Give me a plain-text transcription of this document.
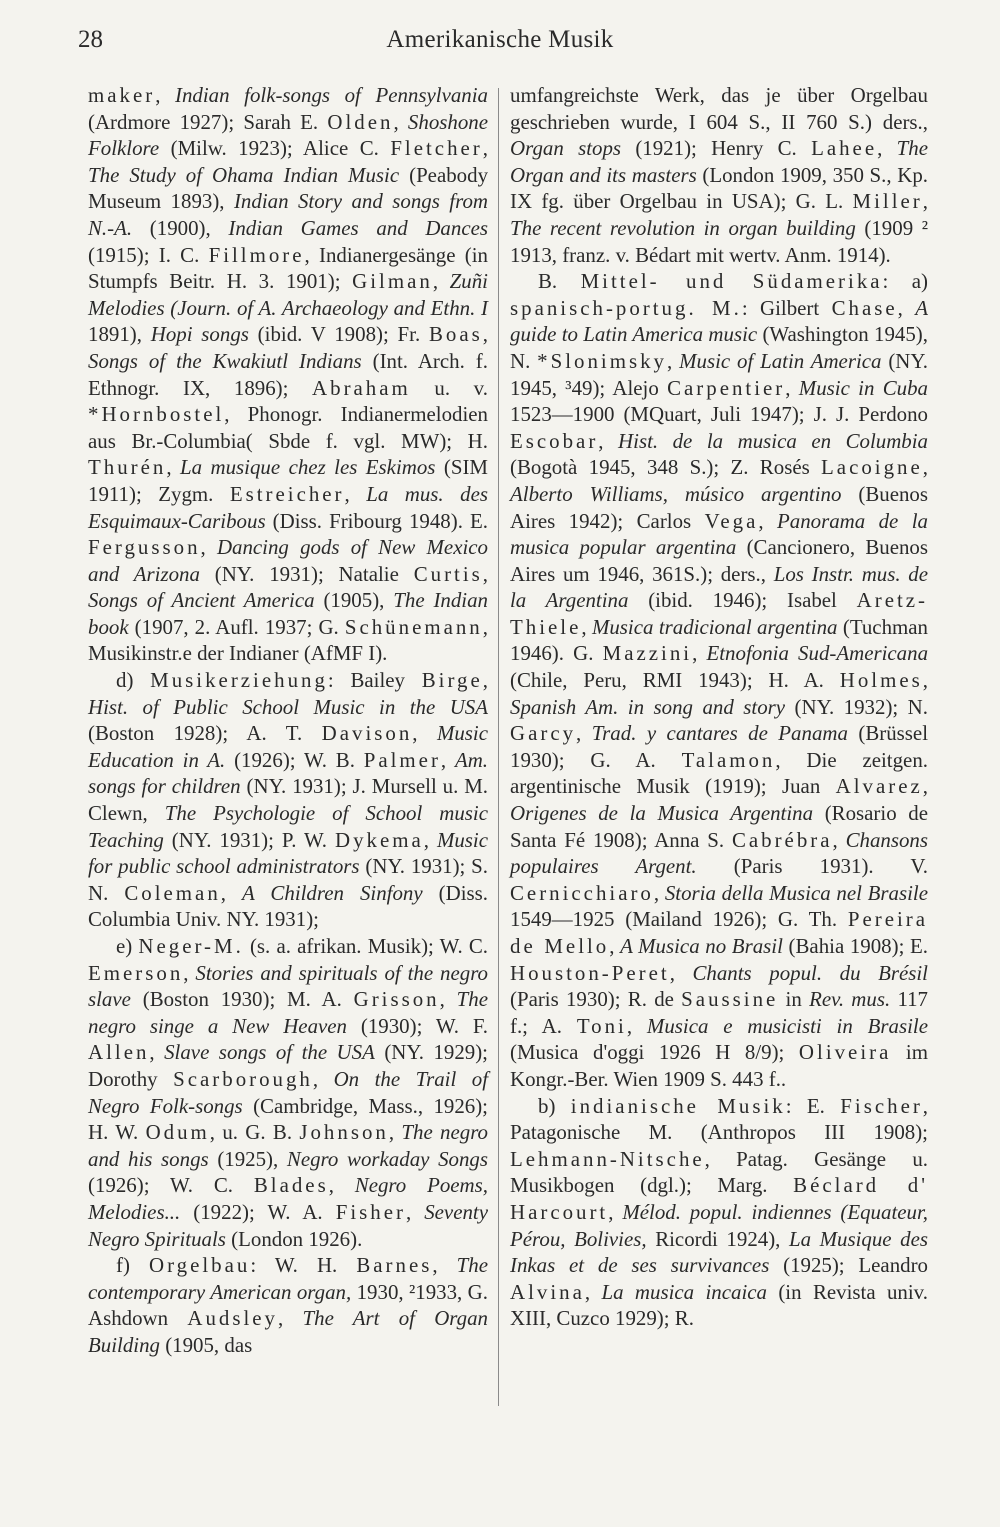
28	Amerikanische Musik

maker, Indian folk-songs of Pennsylvania (Ardmore 1927); Sarah E. Olden, Shoshone Folklore (Milw. 1923); Alice C. Fletcher, The Study of Ohama Indian Music (Peabody Museum 1893), Indian Story and songs from N.-A. (1900), Indian Games and Dances (1915); I. C. Fillmore, Indianergesänge (in Stumpfs Beitr. H. 3. 1901); Gilman, Zuñi Melodies (Journ. of A. Archaeology and Ethn. I 1891), Hopi songs (ibid. V 1908); Fr. Boas, Songs of the Kwakiutl Indians (Int. Arch. f. Ethnogr. IX, 1896); Abraham u. v. *Hornbostel, Phonogr. Indianermelodien aus Br.-Columbia( Sbde f. vgl. MW); H. Thurén, La musique chez les Eskimos (SIM 1911); Zygm. Estreicher, La mus. des Esquimaux-Caribous (Diss. Fribourg 1948). E. Fergusson, Dancing gods of New Mexico and Arizona (NY. 1931); Natalie Curtis, Songs of Ancient America (1905), The Indian book (1907, 2. Aufl. 1937; G. Schünemann, Musikinstr.e der Indianer (AfMF I).

d) Musikerziehung: Bailey Birge, Hist. of Public School Music in the USA (Boston 1928); A. T. Davison, Music Education in A. (1926); W. B. Palmer, Am. songs for children (NY. 1931); J. Mursell u. M. Clewn, The Psychologie of School music Teaching (NY. 1931); P. W. Dykema, Music for public school administrators (NY. 1931); S. N. Coleman, A Children Sinfony (Diss. Columbia Univ. NY. 1931);

e) Neger-M. (s. a. afrikan. Musik); W. C. Emerson, Stories and spirituals of the negro slave (Boston 1930); M. A. Grisson, The negro singe a New Heaven (1930); W. F. Allen, Slave songs of the USA (NY. 1929); Dorothy Scarborough, On the Trail of Negro Folk-songs (Cambridge, Mass., 1926); H. W. Odum, u. G. B. Johnson, The negro and his songs (1925), Negro workaday Songs (1926); W. C. Blades, Negro Poems, Melodies... (1922); W. A. Fisher, Seventy Negro Spirituals (London 1926).

f) Orgelbau: W. H. Barnes, The contemporary American organ, 1930, ²1933, G. Ashdown Audsley, The Art of Organ Building (1905, das

umfangreichste Werk, das je über Orgelbau geschrieben wurde, I 604 S., II 760 S.) ders., Organ stops (1921); Henry C. Lahee, The Organ and its masters (London 1909, 350 S., Kp. IX fg. über Orgelbau in USA); G. L. Miller, The recent revolution in organ building (1909 ² 1913, franz. v. Bédart mit wertv. Anm. 1914).

B. Mittel- und Südamerika: a) spanisch-portug. M.: Gilbert Chase, A guide to Latin America music (Washington 1945), N. *Slonimsky, Music of Latin America (NY. 1945, ³49); Alejo Carpentier, Music in Cuba 1523—1900 (MQuart, Juli 1947); J. J. Perdono Escobar, Hist. de la musica en Columbia (Bogotà 1945, 348 S.); Z. Rosés Lacoigne, Alberto Williams, músico argentino (Buenos Aires 1942); Carlos Vega, Panorama de la musica popular argentina (Cancionero, Buenos Aires um 1946, 361S.); ders., Los Instr. mus. de la Argentina (ibid. 1946); Isabel Aretz-Thiele, Musica tradicional argentina (Tuchman 1946). G. Mazzini, Etnofonia Sud-Americana (Chile, Peru, RMI 1943); H. A. Holmes, Spanish Am. in song and story (NY. 1932); N. Garcy, Trad. y cantares de Panama (Brüssel 1930); G. A. Talamon, Die zeitgen. argentinische Musik (1919); Juan Alvarez, Origenes de la Musica Argentina (Rosario de Santa Fé 1908); Anna S. Cabrébra, Chansons populaires Argent. (Paris 1931). V. Cernicchiaro, Storia della Musica nel Brasile 1549—1925 (Mailand 1926); G. Th. Pereira de Mello, A Musica no Brasil (Bahia 1908); E. Houston-Peret, Chants popul. du Brésil (Paris 1930); R. de Saussine in Rev. mus. 117 f.; A. Toni, Musica e musicisti in Brasile (Musica d'oggi 1926 H 8/9); Oliveira im Kongr.-Ber. Wien 1909 S. 443 f..

b) indianische Musik: E. Fischer, Patagonische M. (Anthropos III 1908); Lehmann-Nitsche, Patag. Gesänge u. Musikbogen (dgl.); Marg. Béclard d' Harcourt, Mélod. popul. indiennes (Equateur, Pérou, Bolivies, Ricordi 1924), La Musique des Inkas et de ses survivances (1925); Leandro Alvina, La musica incaica (in Revista univ. XIII, Cuzco 1929); R.
